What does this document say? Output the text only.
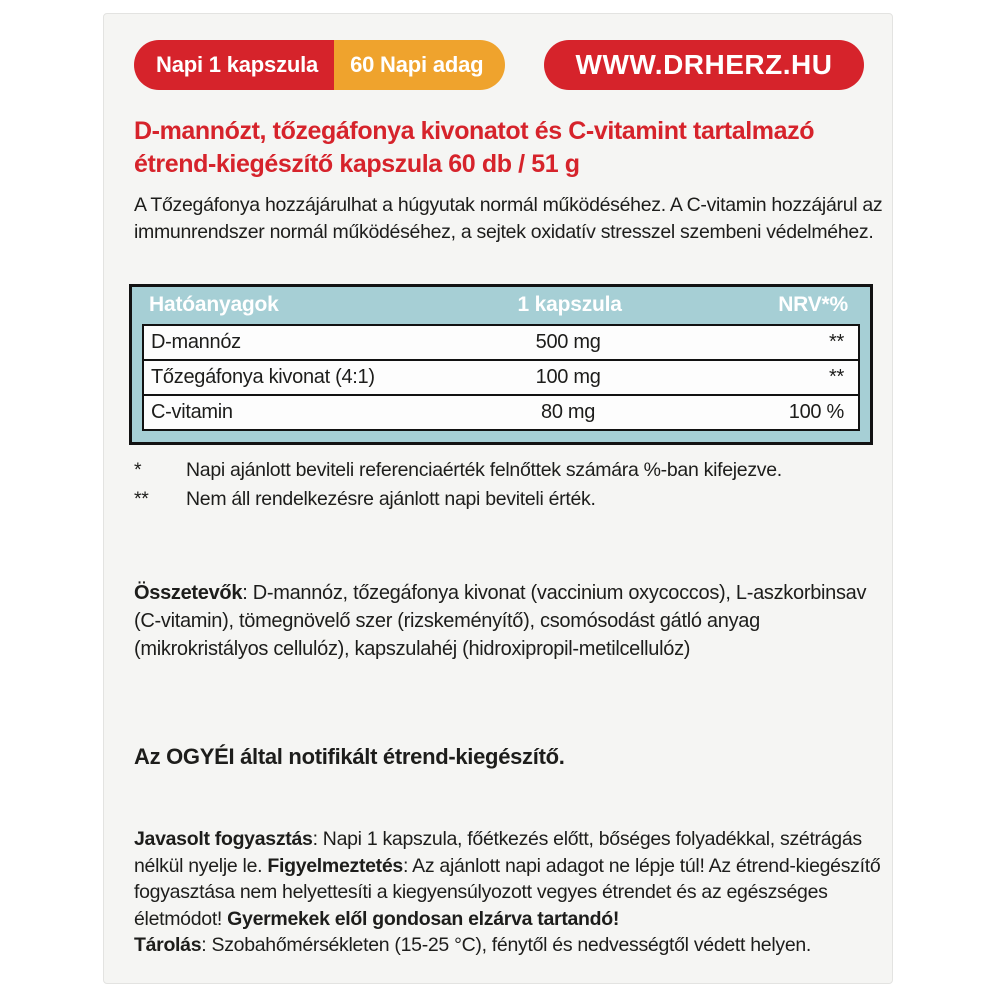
Napi 1 kapszula 60 Napi adag	WWW.DRHERZ.HU
D-mannózt, tőzegáfonya kivonatot és C-vitamint tartalmazó
étrend-kiegészítő kapszula 60 db / 51 g
A Tőzegáfonya hozzájárulhat a húgyutak normál működéséhez. A C-vitamin hozzájárul az immunrendszer normál működéséhez, a sejtek oxidatív stresszel szembeni védelméhez.
Hatóanyagok	1 kapszula	NRV*%
D-mannóz	500 mg	**
Tőzegáfonya kivonat (4:1)	100 mg	**
C-vitamin	80 mg	100 %
*	Napi ajánlott beviteli referenciaérték felnőttek számára %-ban kifejezve.
**	Nem áll rendelkezésre ajánlott napi beviteli érték.
Összetevők: D-mannóz, tőzegáfonya kivonat (vaccinium oxycoccos), L-aszkorbinsav (C-vitamin), tömegnövelő szer (rizskeményítő), csomósodást gátló anyag (mikrokristályos cellulóz), kapszulahéj (hidroxipropil-metilcellulóz)
Az OGYÉI által notifikált étrend-kiegészítő.
Javasolt fogyasztás: Napi 1 kapszula, főétkezés előtt, bőséges folyadékkal, szétrágás nélkül nyelje le. Figyelmeztetés: Az ajánlott napi adagot ne lépje túl! Az étrend-kiegészítő fogyasztása nem helyettesíti a kiegyensúlyozott vegyes étrendet és az egészséges életmódot! Gyermekek elől gondosan elzárva tartandó!
Tárolás: Szobahőmérsékleten (15-25 °C), fénytől és nedvességtől védett helyen.
